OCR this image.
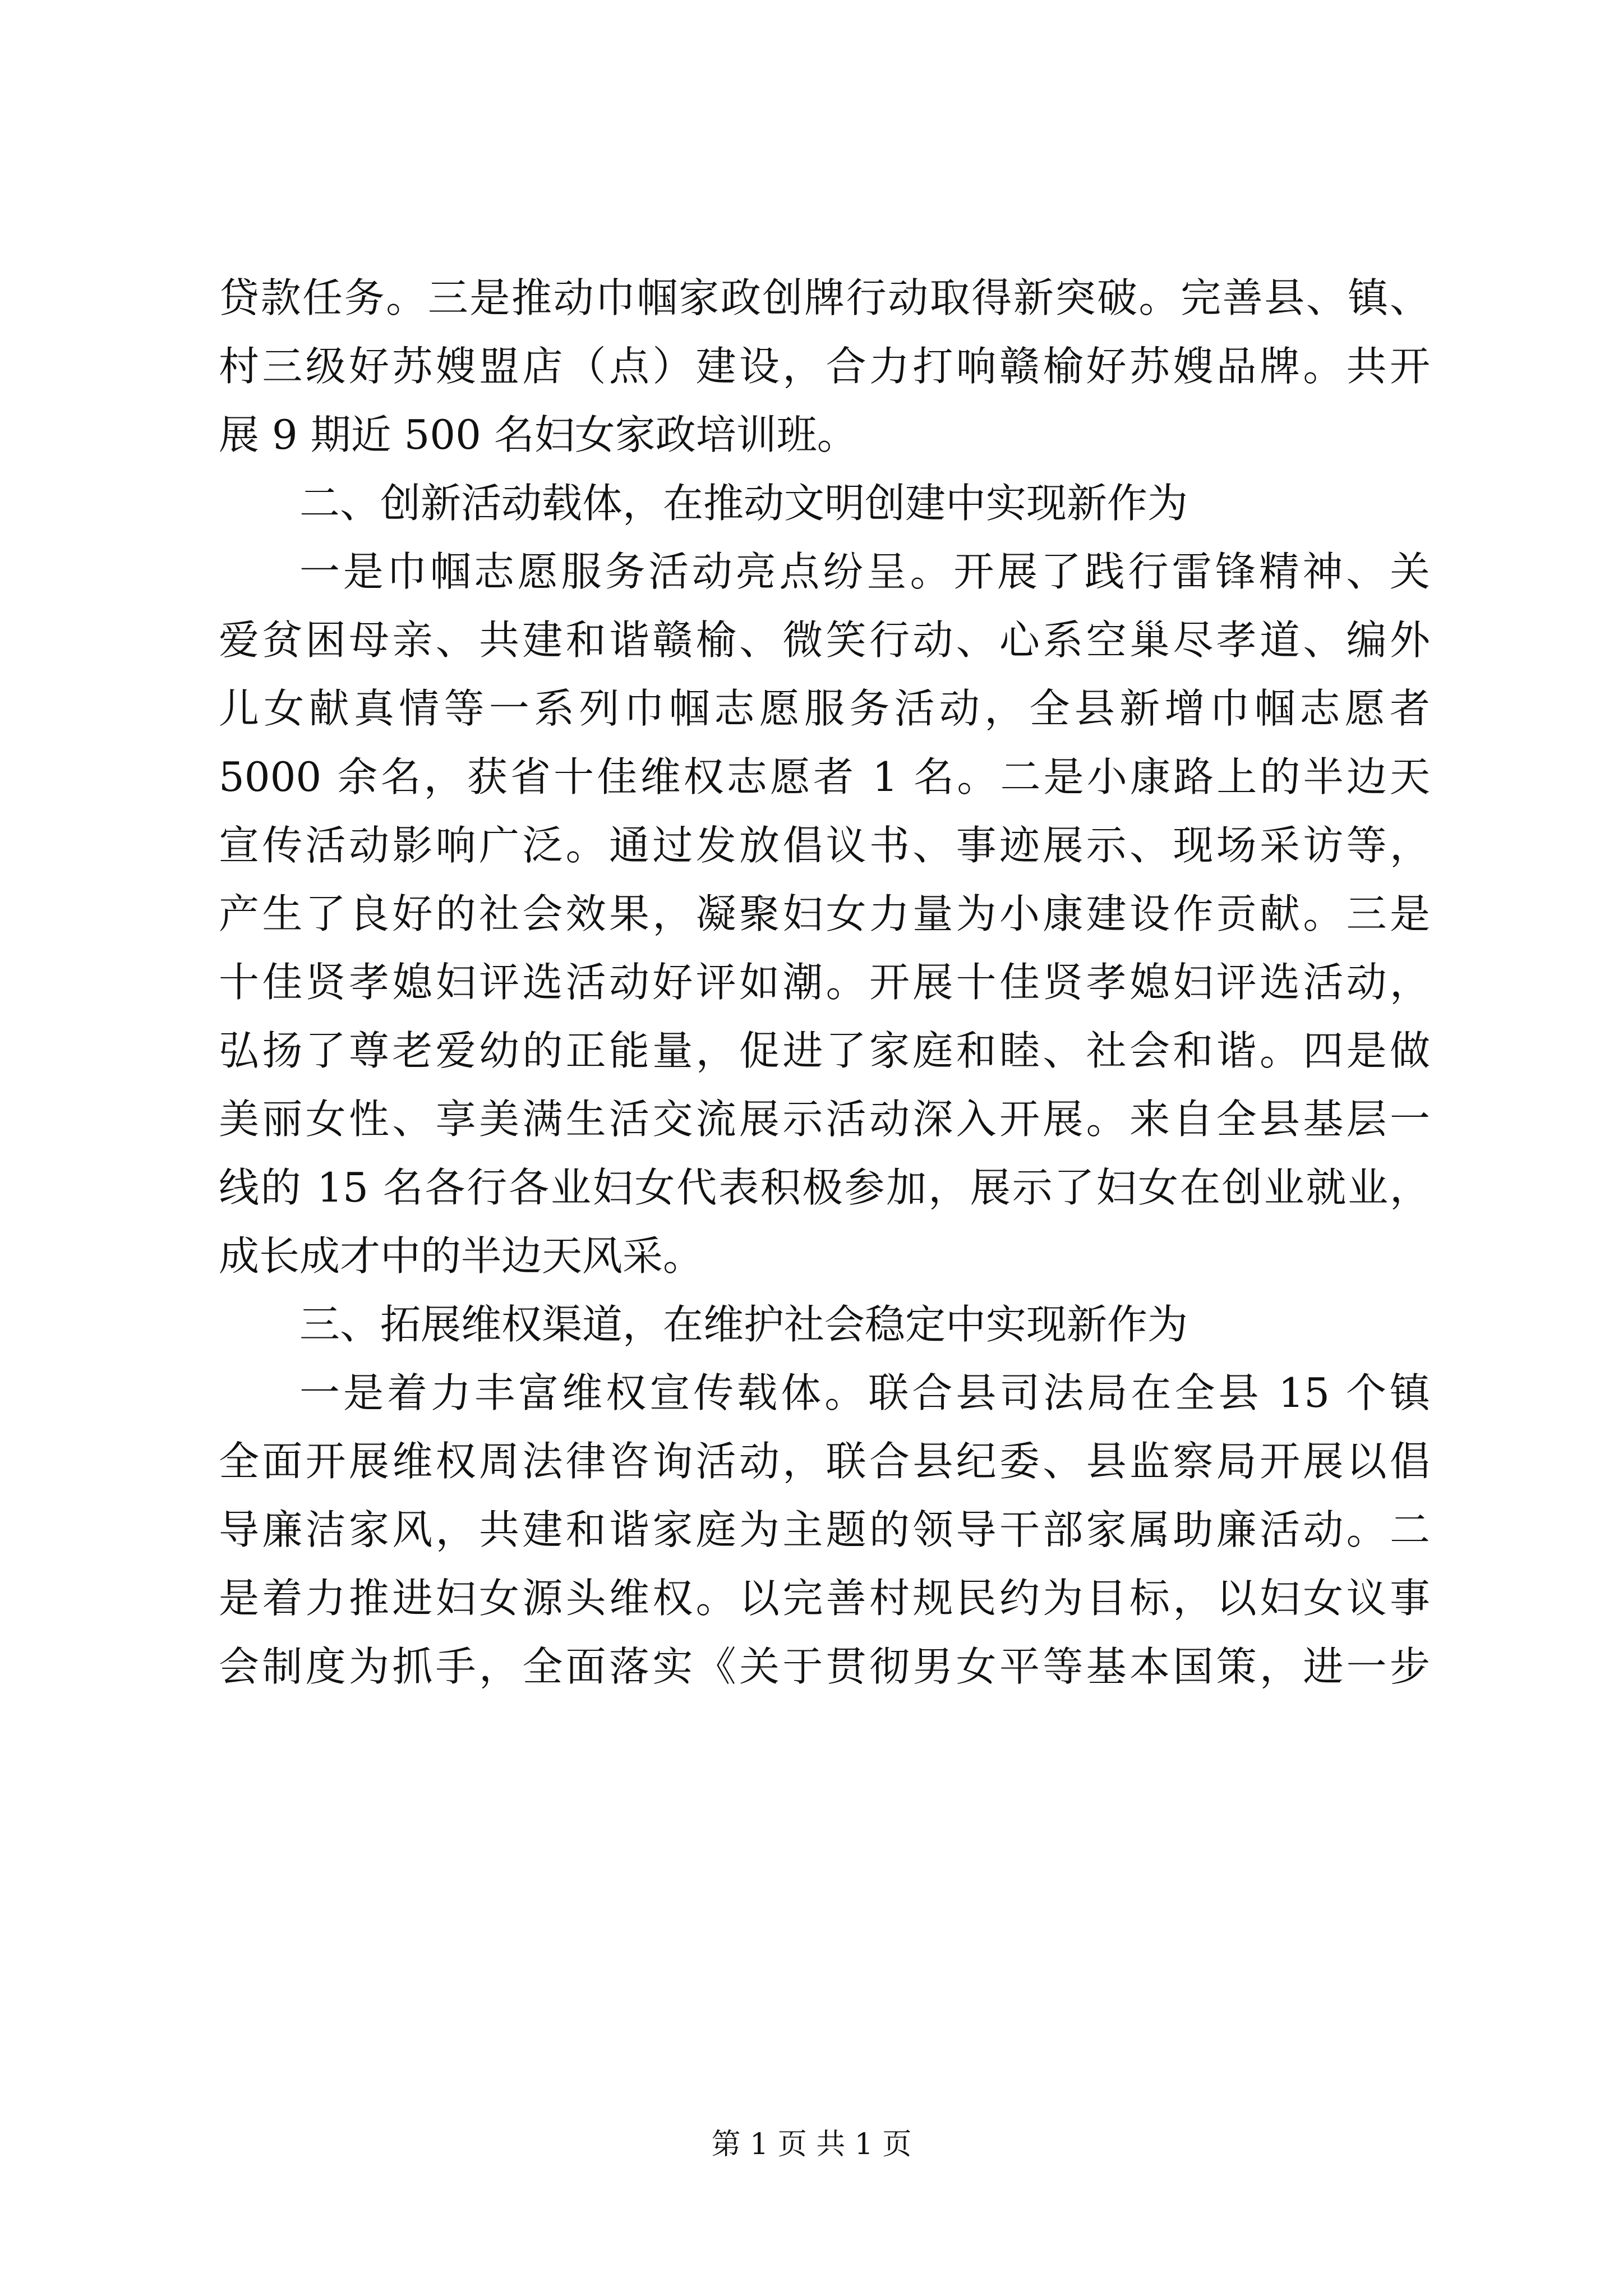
贷款任务。三是推动巾帼家政创牌行动取得新突破。完善县、镇、
村三级好苏嫂盟店（点）建设，合力打响赣榆好苏嫂品牌。共开
展 9 期近 500 名妇女家政培训班。
二、创新活动载体，在推动文明创建中实现新作为
一是巾帼志愿服务活动亮点纷呈。开展了践行雷锋精神、关
爱贫困母亲、共建和谐赣榆、微笑行动、心系空巢尽孝道、编外
儿女献真情等一系列巾帼志愿服务活动，全县新增巾帼志愿者
5000 余名，获省十佳维权志愿者 1 名。二是小康路上的半边天
宣传活动影响广泛。通过发放倡议书、事迹展示、现场采访等，
产生了良好的社会效果，凝聚妇女力量为小康建设作贡献。三是
十佳贤孝媳妇评选活动好评如潮。开展十佳贤孝媳妇评选活动，
弘扬了尊老爱幼的正能量，促进了家庭和睦、社会和谐。四是做
美丽女性、享美满生活交流展示活动深入开展。来自全县基层一
线的 15 名各行各业妇女代表积极参加，展示了妇女在创业就业，
成长成才中的半边天风采。
三、拓展维权渠道，在维护社会稳定中实现新作为
一是着力丰富维权宣传载体。联合县司法局在全县 15 个镇
全面开展维权周法律咨询活动，联合县纪委、县监察局开展以倡
导廉洁家风，共建和谐家庭为主题的领导干部家属助廉活动。二
是着力推进妇女源头维权。以完善村规民约为目标，以妇女议事
会制度为抓手，全面落实《关于贯彻男女平等基本国策，进一步
第 1 页 共 1 页
